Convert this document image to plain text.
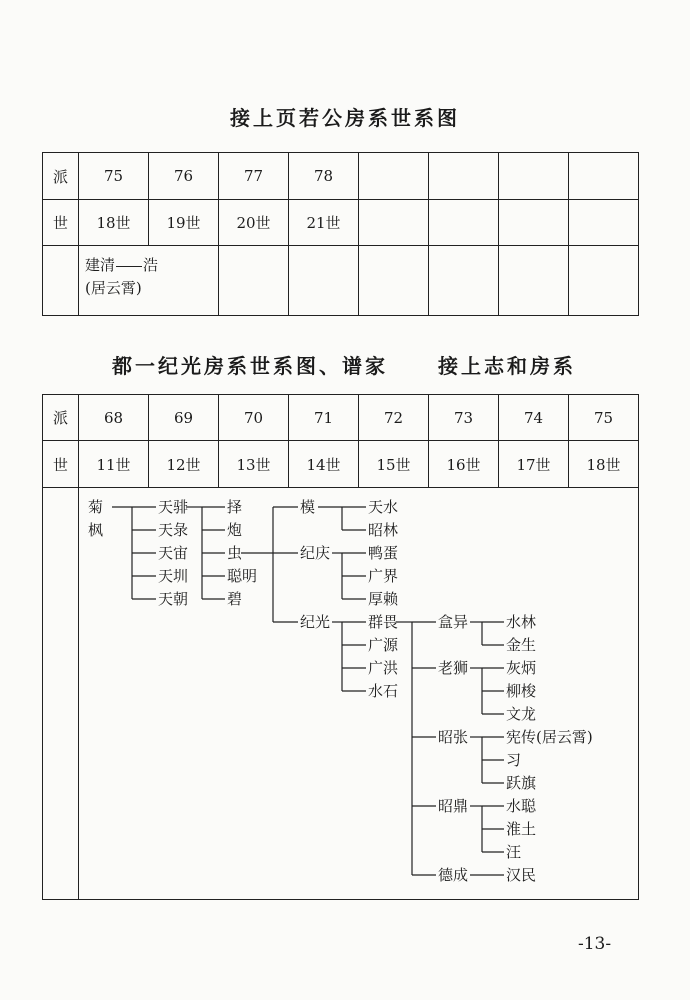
接上页若公房系世系图
派	75	76	77	78				
世	18世	19世	20世	21世				
	建清 浩
(居云霄)							
都一纪光房系世系图、谱家	接上志和房系
派	68	69	70	71	72	73	74	75
世	11世	12世	13世	14世	15世	16世	17世	18世

菊
枫
天𬴂
天彔
天宙
天圳
天朝
择
炮
虫
聪明
碧
模
纪庆
纪光
天水
昭林
鸭蛋
广界
厚赖
群畏
广源
广洪
水石
盒异
老狮
昭张
昭鼎
德成
水林
金生
灰炳
柳梭
文龙
宪传(居云霄)
习
跃旗
水聪
淮土
汪
汉民
-13-
